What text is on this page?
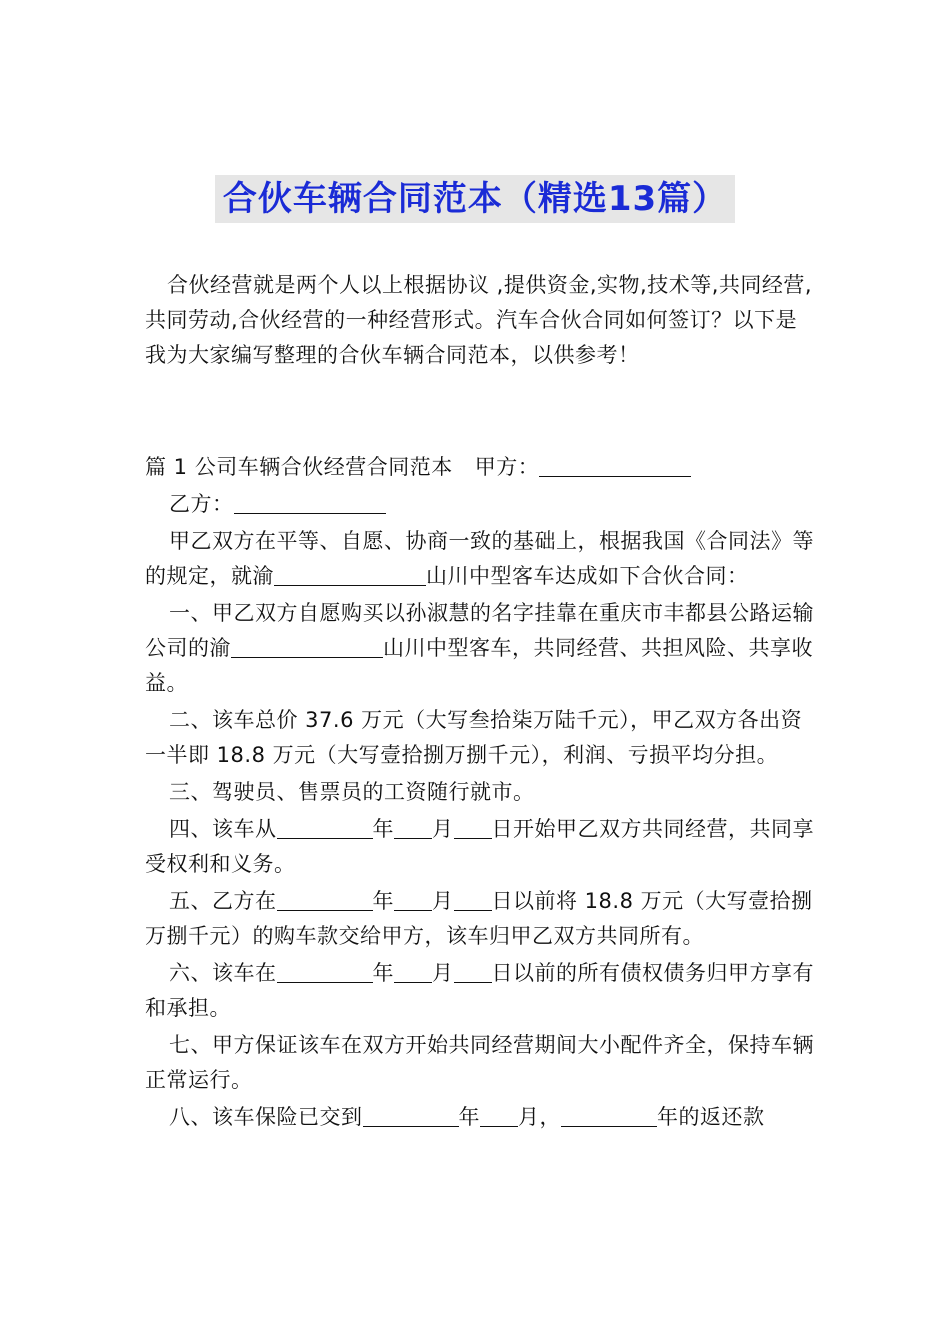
合伙车辆合同范本（精选13篇）
合伙经营就是两个人以上根据协议 ,提供资金,实物,技术等,共同经营,共同劳动,合伙经营的一种经营形式。汽车合伙合同如何签订？以下是我为大家编写整理的合伙车辆合同范本，以供参考！

篇 1 公司车辆合伙经营合同范本 甲方：

乙方：

甲乙双方在平等、自愿、协商一致的基础上，根据我国《合同法》等的规定，就渝	山川中型客车达成如下合伙合同：

一、甲乙双方自愿购买以孙淑慧的名字挂靠在重庆市丰都县公路运输公司的渝	山川中型客车，共同经营、共担风险、共享收益。

二、该车总价 37.6 万元（大写叁拾柒万陆千元），甲乙双方各出资一半即 18.8 万元（大写壹拾捌万捌千元），利润、亏损平均分担。

三、驾驶员、售票员的工资随行就市。

四、该车从	年 月 日开始甲乙双方共同经营，共同享受权利和义务。

五、乙方在	年 月 日以前将 18.8 万元（大写壹拾捌万捌千元）的购车款交给甲方，该车归甲乙双方共同所有。

六、该车在	年 月 日以前的所有债权债务归甲方享有和承担。

七、甲方保证该车在双方开始共同经营期间大小配件齐全，保持车辆正常运行。

八、该车保险已交到	年 月，	年的返还款
